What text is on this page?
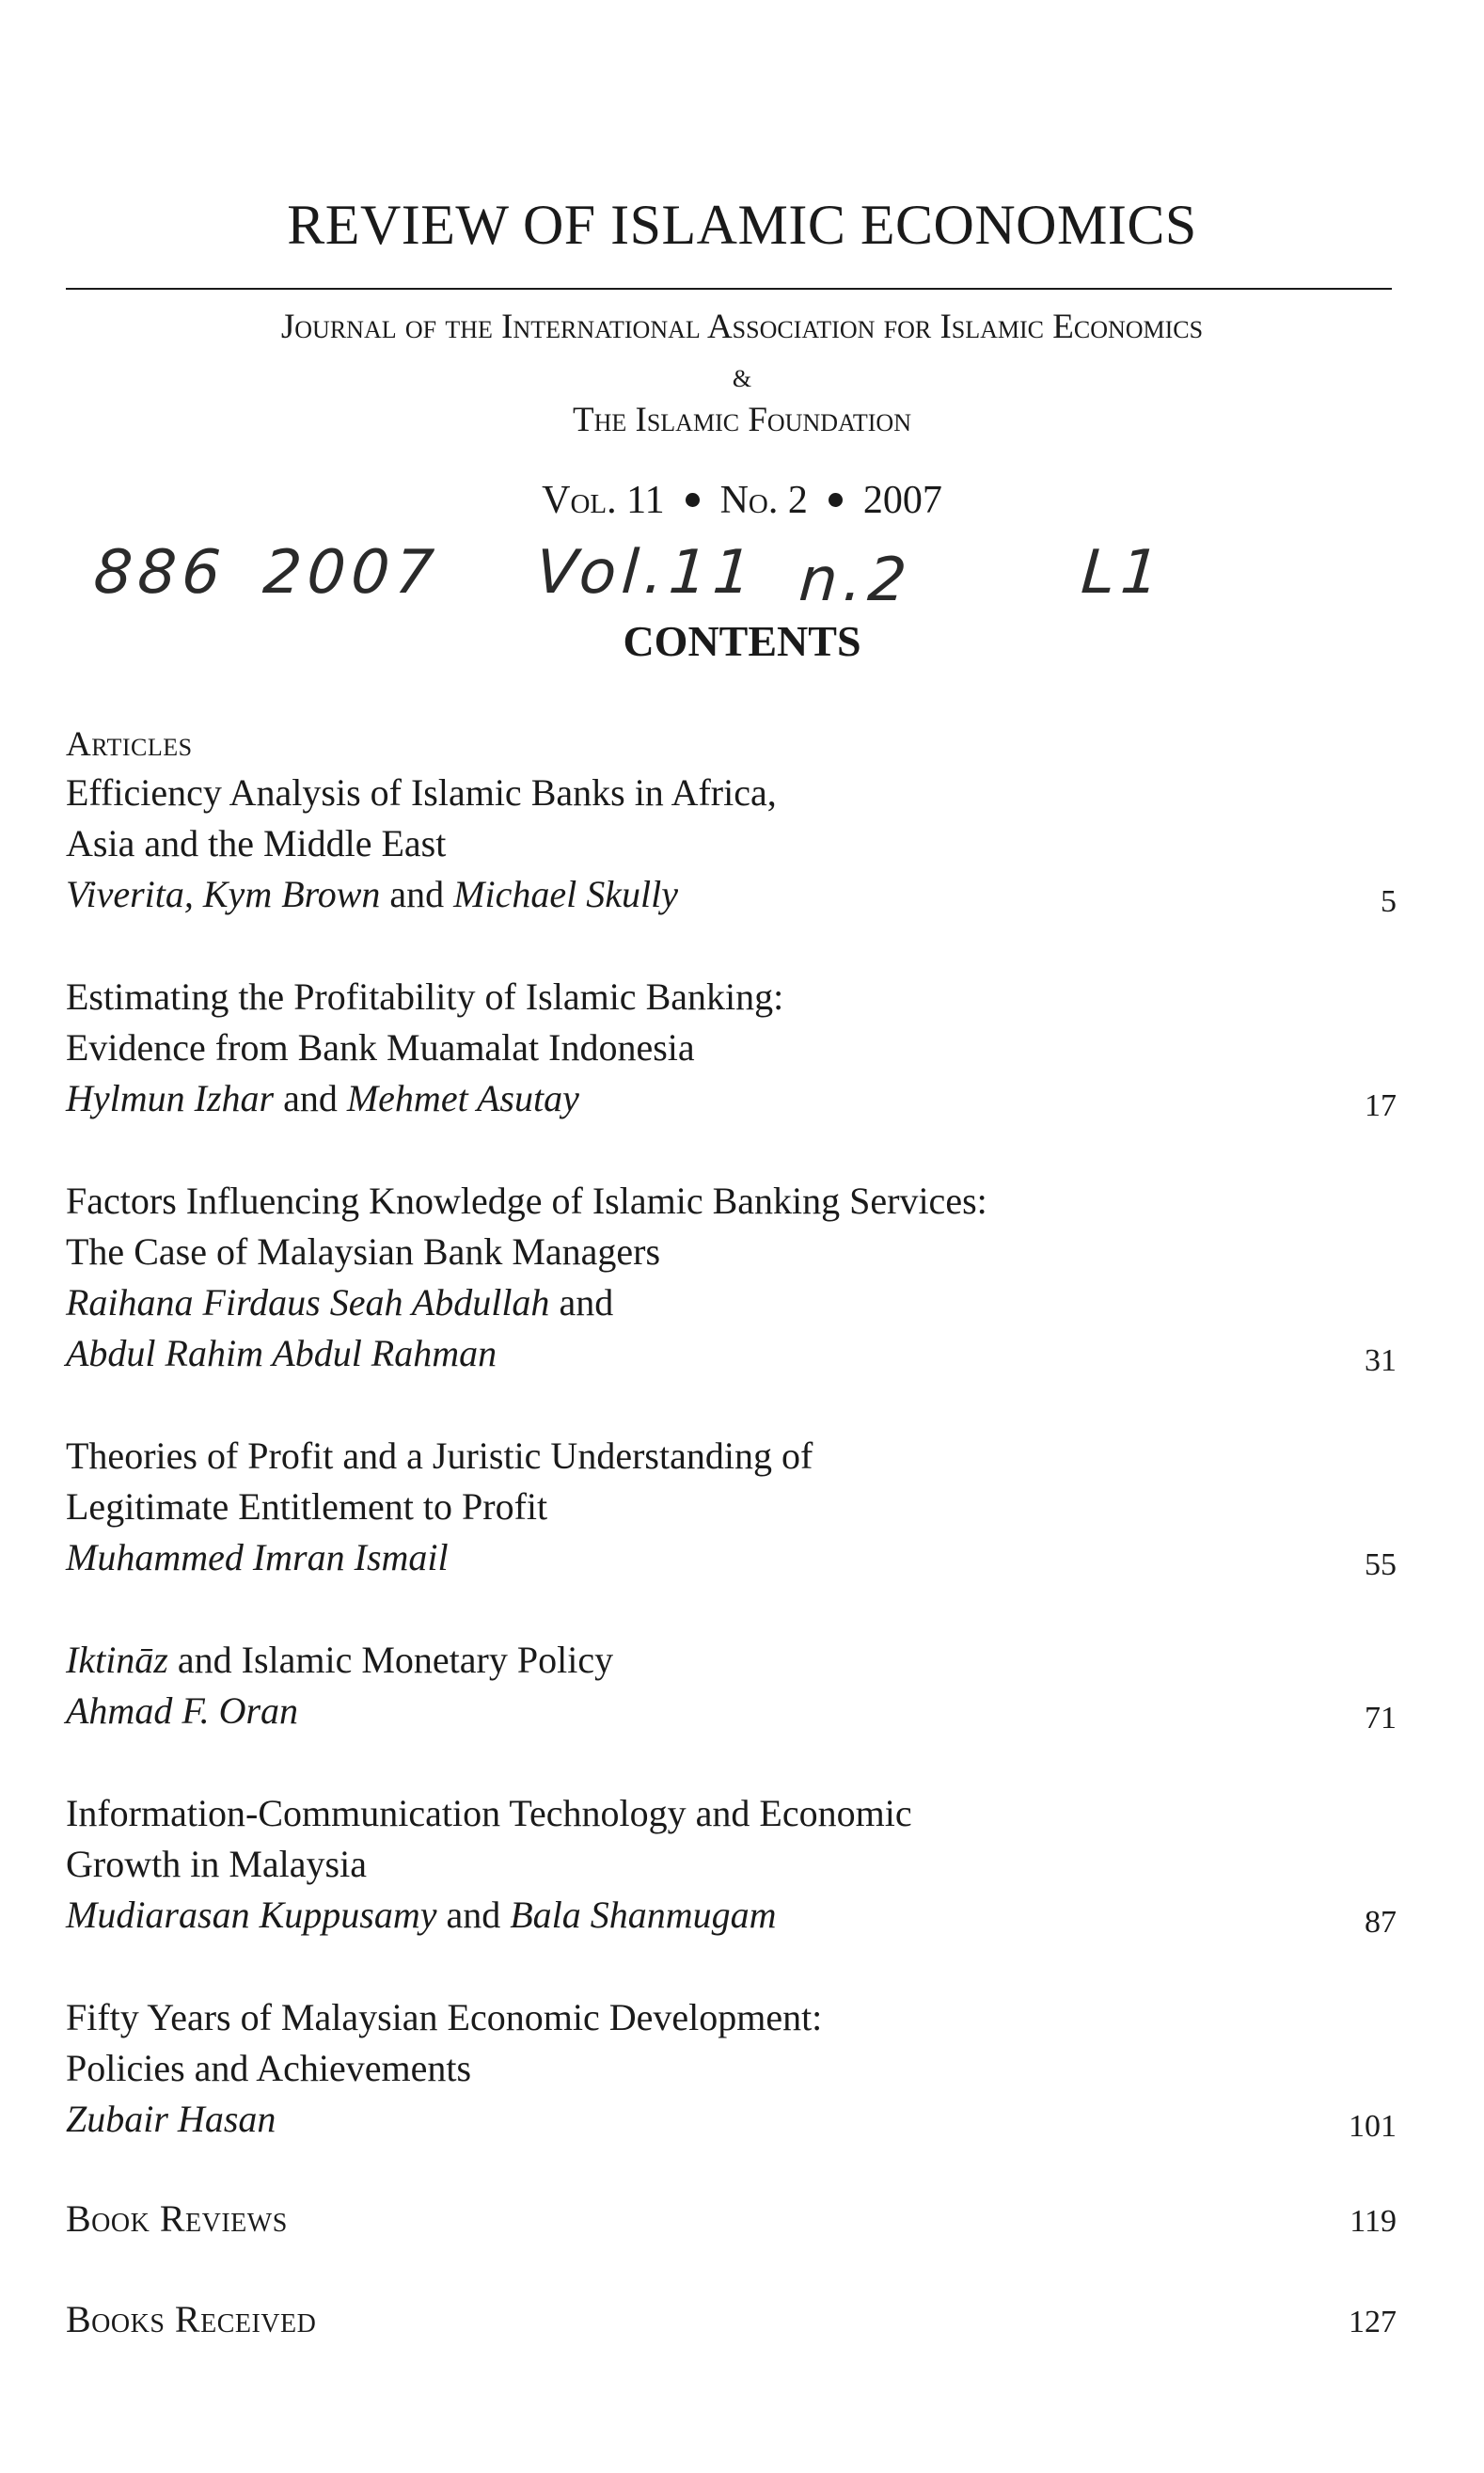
REVIEW OF ISLAMIC ECONOMICS
Journal of the International Association for Islamic Economics
&
The Islamic Foundation
Vol. 11 No. 2 2007
886 2007 Vol.11 n.2	L1
CONTENTS
Articles
Efficiency Analysis of Islamic Banks in Africa,
Asia and the Middle East
Viverita, Kym Brown and Michael Skully	5
Estimating the Profitability of Islamic Banking:
Evidence from Bank Muamalat Indonesia
Hylmun Izhar and Mehmet Asutay	17
Factors Influencing Knowledge of Islamic Banking Services:
The Case of Malaysian Bank Managers
Raihana Firdaus Seah Abdullah and
Abdul Rahim Abdul Rahman	31
Theories of Profit and a Juristic Understanding of
Legitimate Entitlement to Profit
Muhammed Imran Ismail	55
Iktināz and Islamic Monetary Policy
Ahmad F. Oran	71
Information-Communication Technology and Economic
Growth in Malaysia
Mudiarasan Kuppusamy and Bala Shanmugam	87
Fifty Years of Malaysian Economic Development:
Policies and Achievements
Zubair Hasan	101
Book Reviews	119
Books Received	127
